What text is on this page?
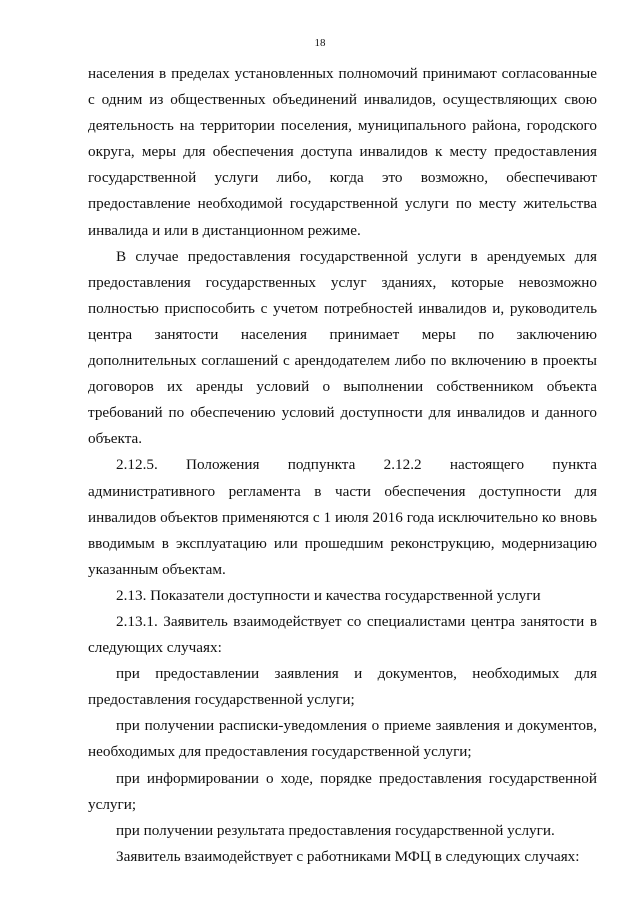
18

населения в пределах установленных полномочий принимают согласованные с одним из общественных объединений инвалидов, осуществляющих свою деятельность на территории поселения, муниципального района, городского округа, меры для обеспечения доступа инвалидов к месту предоставления государственной услуги либо, когда это возможно, обеспечивают предоставление необходимой государственной услуги по месту жительства инвалида и или в дистанционном режиме.

В случае предоставления государственной услуги в арендуемых для предоставления государственных услуг зданиях, которые невозможно полностью приспособить с учетом потребностей инвалидов и, руководитель центра занятости населения принимает меры по заключению дополнительных соглашений с арендодателем либо по включению в проекты договоров их аренды условий о выполнении собственником объекта требований по обеспечению условий доступности для инвалидов и данного объекта.

2.12.5. Положения подпункта 2.12.2 настоящего пункта административного регламента в части обеспечения доступности для инвалидов объектов применяются с 1 июля 2016 года исключительно ко вновь вводимым в эксплуатацию или прошедшим реконструкцию, модернизацию указанным объектам.

2.13. Показатели доступности и качества государственной услуги

2.13.1. Заявитель взаимодействует со специалистами центра занятости в следующих случаях:

при предоставлении заявления и документов, необходимых для предоставления государственной услуги;

при получении расписки-уведомления о приеме заявления и документов, необходимых для предоставления государственной услуги;

при информировании о ходе, порядке предоставления государственной услуги;

при получении результата предоставления государственной услуги.

Заявитель взаимодействует с работниками МФЦ в следующих случаях:
